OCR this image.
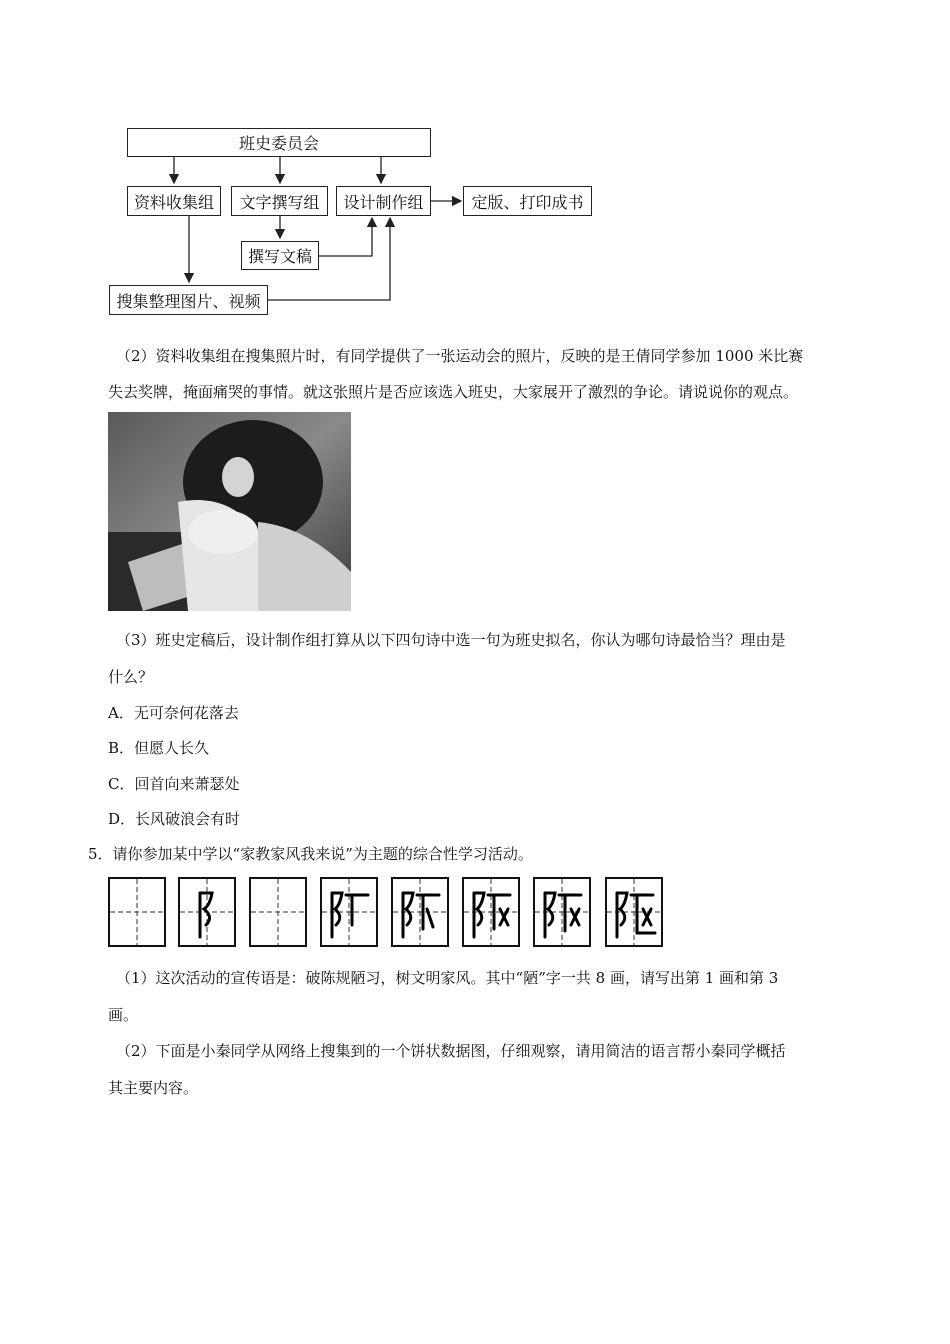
班史委员会
资料收集组 文字撰写组 设计制作组	定版、打印成书
撰写文稿
搜集整理图片、视频
（2）资料收集组在搜集照片时，有同学提供了一张运动会的照片，反映的是王倩同学参加 1000 米比赛
失去奖牌，掩面痛哭的事情。就这张照片是否应该选入班史，大家展开了激烈的争论。请说说你的观点。
（3）班史定稿后，设计制作组打算从以下四句诗中选一句为班史拟名，你认为哪句诗最恰当？理由是
什么？
A．无可奈何花落去
B．但愿人长久
C．回首向来萧瑟处
D．长风破浪会有时
5．请你参加某中学以“家教家风我来说”为主题的综合性学习活动。
（1）这次活动的宣传语是：破陈规陋习，树文明家风。其中“陋”字一共 8 画，请写出第 1 画和第 3
画。
（2）下面是小秦同学从网络上搜集到的一个饼状数据图，仔细观察，请用简洁的语言帮小秦同学概括
其主要内容。
